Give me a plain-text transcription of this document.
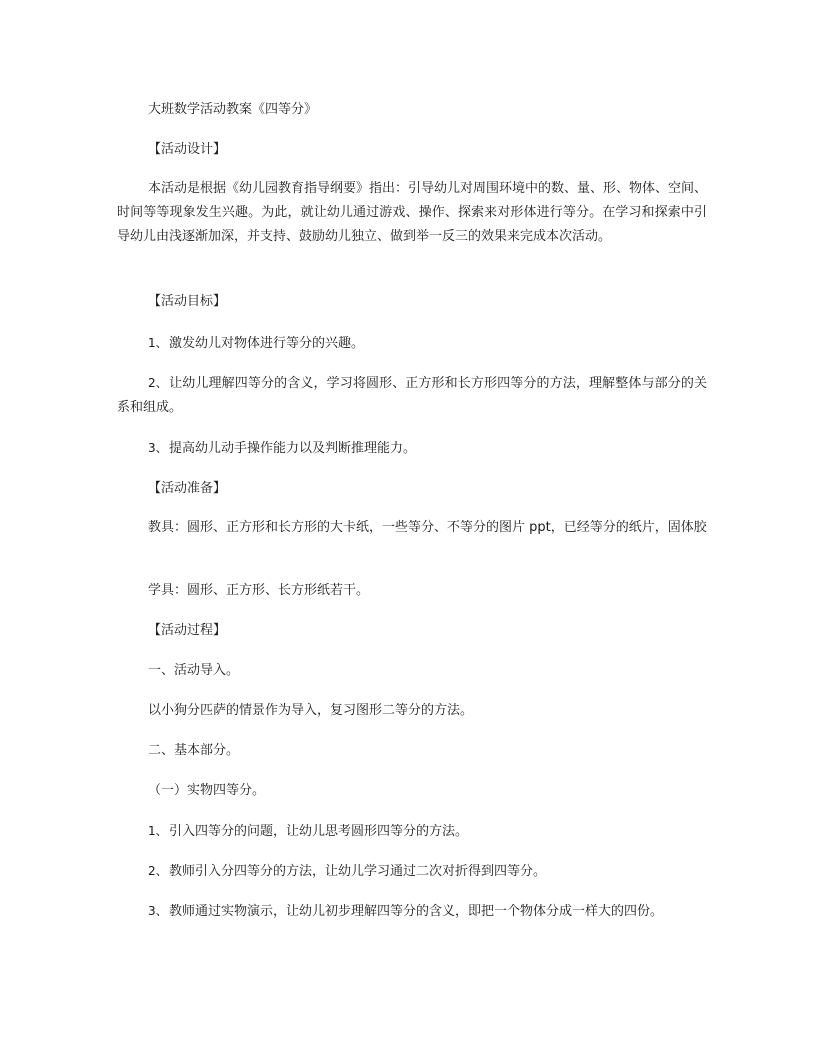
大班数学活动教案《四等分》
【活动设计】
本活动是根据《幼儿园教育指导纲要》指出：引导幼儿对周围环境中的数、量、形、物体、空间、时间等等现象发生兴趣。为此，就让幼儿通过游戏、操作、探索来对形体进行等分。在学习和探索中引导幼儿由浅逐渐加深，并支持、鼓励幼儿独立、做到举一反三的效果来完成本次活动。
【活动目标】
1、激发幼儿对物体进行等分的兴趣。
2、让幼儿理解四等分的含义，学习将圆形、正方形和长方形四等分的方法，理解整体与部分的关系和组成。
3、提高幼儿动手操作能力以及判断推理能力。
【活动准备】
教具：圆形、正方形和长方形的大卡纸，一些等分、不等分的图片 ppt，已经等分的纸片，固体胶
学具：圆形、正方形、长方形纸若干。
【活动过程】
一、活动导入。
以小狗分匹萨的情景作为导入，复习图形二等分的方法。
二、基本部分。
（一）实物四等分。
1、引入四等分的问题，让幼儿思考圆形四等分的方法。
2、教师引入分四等分的方法，让幼儿学习通过二次对折得到四等分。
3、教师通过实物演示，让幼儿初步理解四等分的含义，即把一个物体分成一样大的四份。
